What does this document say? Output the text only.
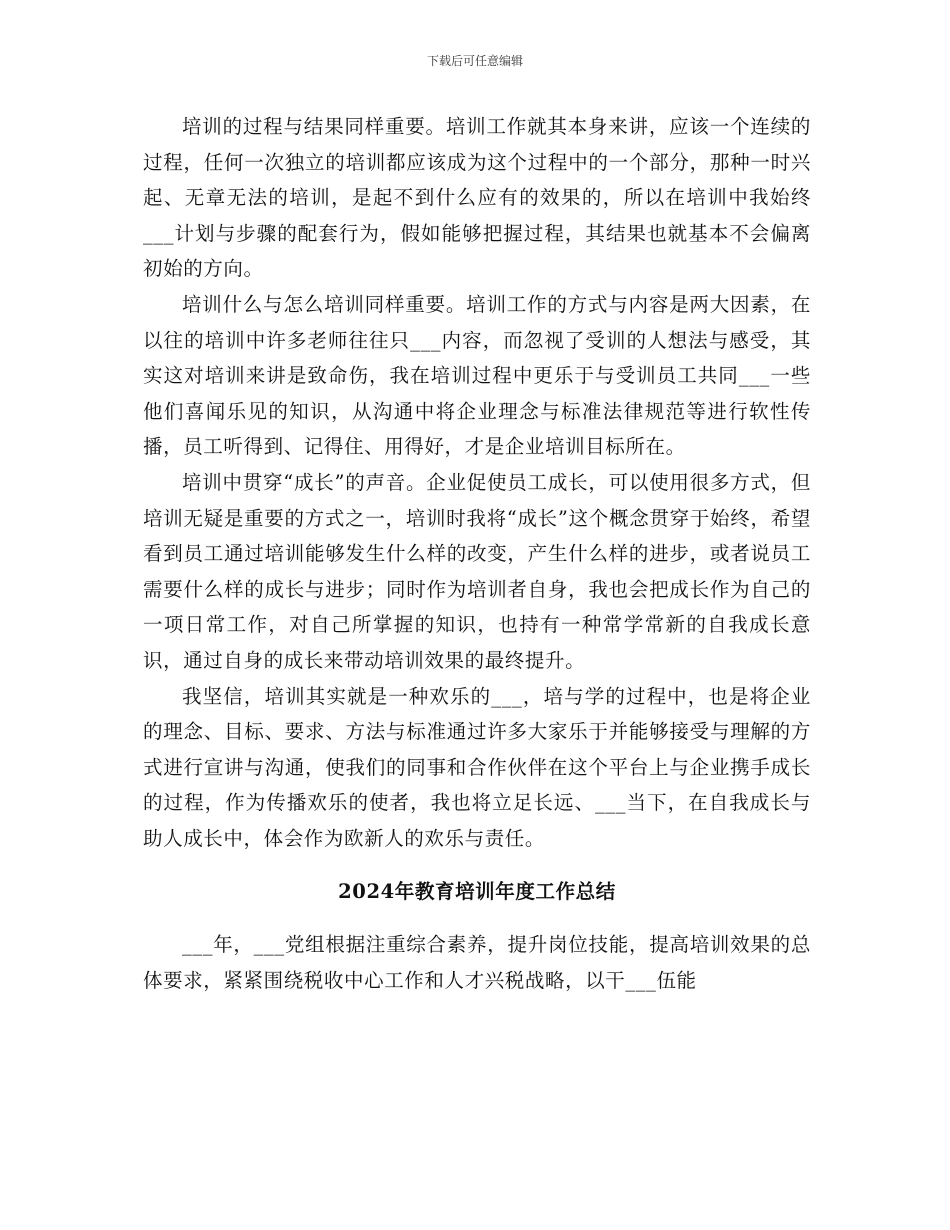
下载后可任意编辑

培训的过程与结果同样重要。培训工作就其本身来讲，应该一个连续的过程，任何一次独立的培训都应该成为这个过程中的一个部分，那种一时兴起、无章无法的培训，是起不到什么应有的效果的，所以在培训中我始终___计划与步骤的配套行为，假如能够把握过程，其结果也就基本不会偏离初始的方向。

培训什么与怎么培训同样重要。培训工作的方式与内容是两大因素，在以往的培训中许多老师往往只___内容，而忽视了受训的人想法与感受，其实这对培训来讲是致命伤，我在培训过程中更乐于与受训员工共同___一些他们喜闻乐见的知识，从沟通中将企业理念与标准法律规范等进行软性传播，员工听得到、记得住、用得好，才是企业培训目标所在。

培训中贯穿“成长”的声音。企业促使员工成长，可以使用很多方式，但培训无疑是重要的方式之一，培训时我将“成长”这个概念贯穿于始终，希望看到员工通过培训能够发生什么样的改变，产生什么样的进步，或者说员工需要什么样的成长与进步；同时作为培训者自身，我也会把成长作为自己的一项日常工作，对自己所掌握的知识，也持有一种常学常新的自我成长意识，通过自身的成长来带动培训效果的最终提升。

我坚信，培训其实就是一种欢乐的___，培与学的过程中，也是将企业的理念、目标、要求、方法与标准通过许多大家乐于并能够接受与理解的方式进行宣讲与沟通，使我们的同事和合作伙伴在这个平台上与企业携手成长的过程，作为传播欢乐的使者，我也将立足长远、___当下，在自我成长与助人成长中，体会作为欧新人的欢乐与责任。

2024年教育培训年度工作总结

___年，___党组根据注重综合素养，提升岗位技能，提高培训效果的总体要求，紧紧围绕税收中心工作和人才兴税战略，以干___伍能
